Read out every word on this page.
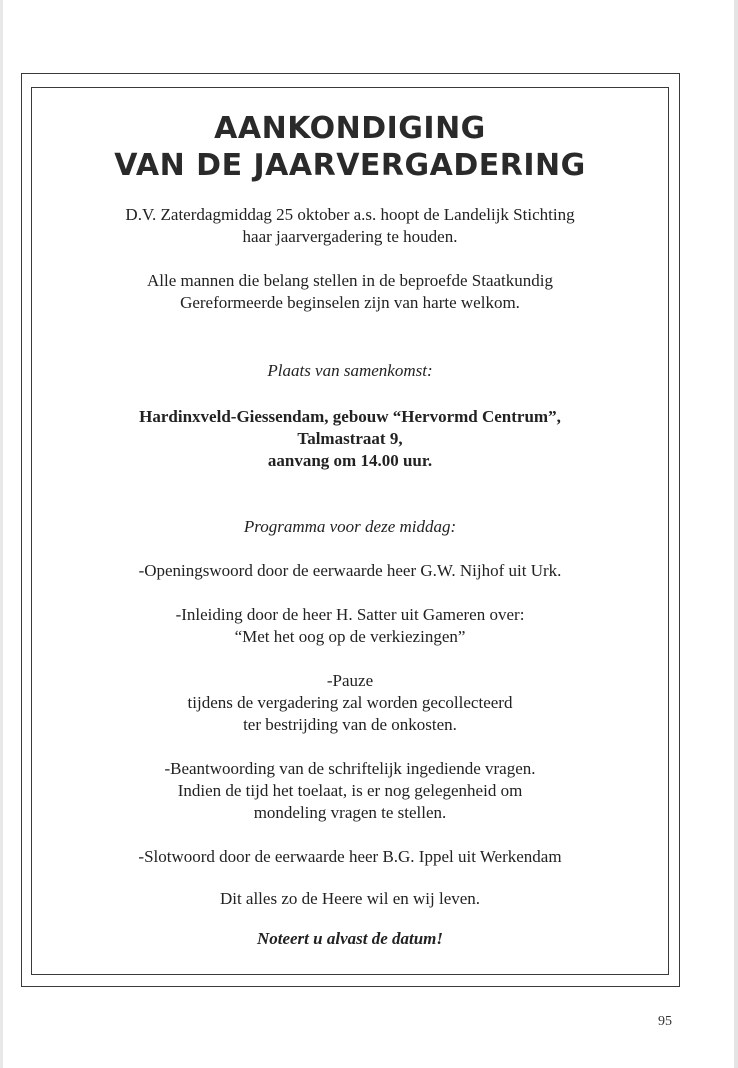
AANKONDIGING
VAN DE JAARVERGADERING

D.V. Zaterdagmiddag 25 oktober a.s. hoopt de Landelijk Stichting
haar jaarvergadering te houden.

Alle mannen die belang stellen in de beproefde Staatkundig
Gereformeerde beginselen zijn van harte welkom.

Plaats van samenkomst:

Hardinxveld-Giessendam, gebouw “Hervormd Centrum”,
Talmastraat 9,
aanvang om 14.00 uur.

Programma voor deze middag:

-Openingswoord door de eerwaarde heer G.W. Nijhof uit Urk.

-Inleiding door de heer H. Satter uit Gameren over:
“Met het oog op de verkiezingen”

-Pauze
tijdens de vergadering zal worden gecollecteerd
ter bestrijding van de onkosten.

-Beantwoording van de schriftelijk ingediende vragen.
Indien de tijd het toelaat, is er nog gelegenheid om
mondeling vragen te stellen.

-Slotwoord door de eerwaarde heer B.G. Ippel uit Werkendam

Dit alles zo de Heere wil en wij leven.

Noteert u alvast de datum!

95
